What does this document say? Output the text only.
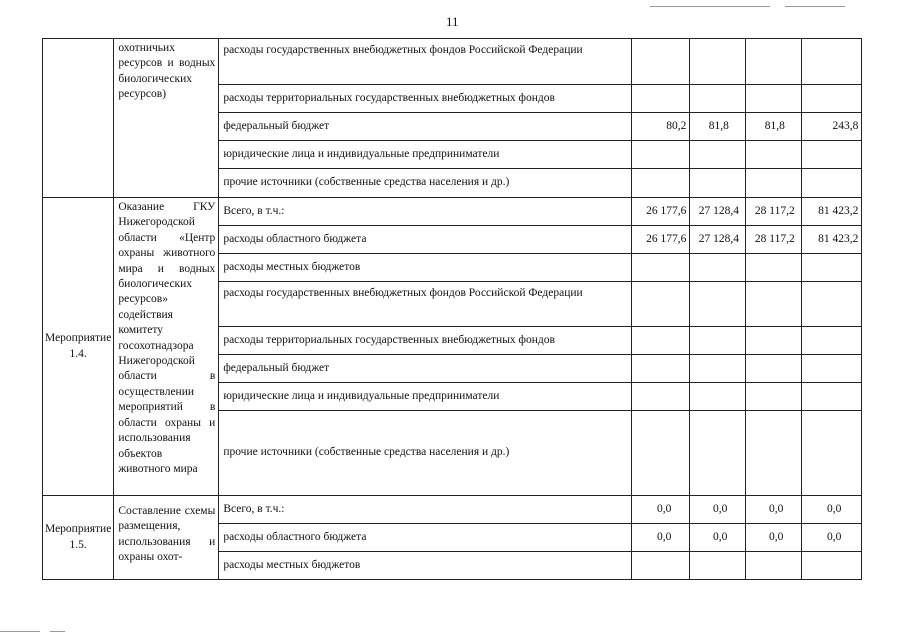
11
	охотничьих ресурсов и водных биологических ресурсов)	расходы государственных внебюджетных фондов Российской Федерации				
		расходы территориальных государственных внебюджетных фондов				
		федеральный бюджет	80,2	81,8	81,8	243,8
		юридические лица и индивидуальные предприниматели				
		прочие источники (собственные средства населения и др.)				
Мероприятие 1.4.	Оказание ГКУ Нижегородской области «Центр охраны животного мира и водных биологических ресурсов» содействия комитету госохотнадзора Нижегородской области в осуществлении мероприятий в области охраны и использования объектов животного мира	Всего, в т.ч.:	26 177,6	27 128,4	28 117,2	81 423,2
		расходы областного бюджета	26 177,6	27 128,4	28 117,2	81 423,2
		расходы местных бюджетов				
		расходы государственных внебюджетных фондов Российской Федерации				
		расходы территориальных государственных внебюджетных фондов				
		федеральный бюджет				
		юридические лица и индивидуальные предприниматели				
		прочие источники (собственные средства населения и др.)				
Мероприятие 1.5.	Составление схемы размещения, использования и охраны охот-	Всего, в т.ч.:	0,0	0,0	0,0	0,0
		расходы областного бюджета	0,0	0,0	0,0	0,0
		расходы местных бюджетов				
